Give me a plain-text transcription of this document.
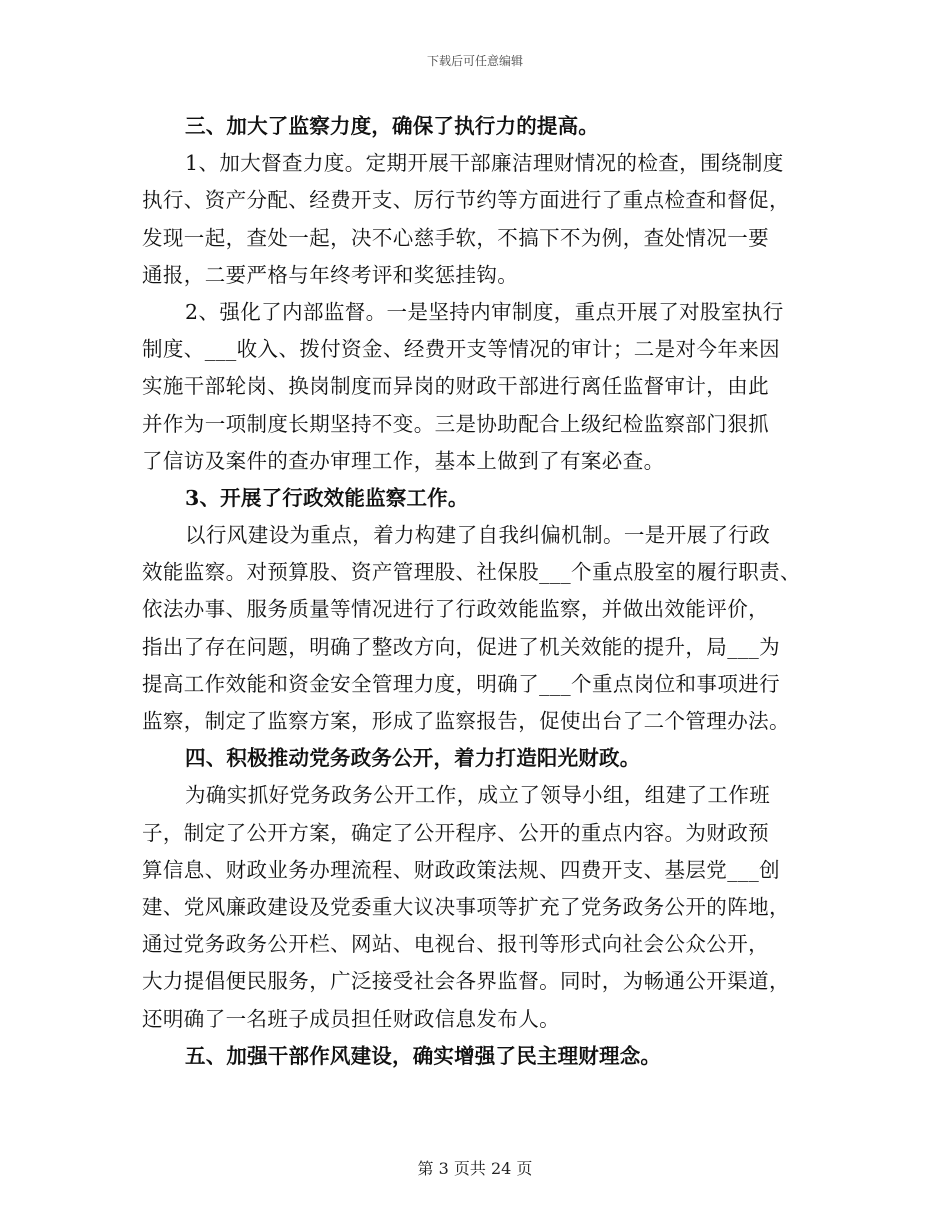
下载后可任意编辑
三、加大了监察力度，确保了执行力的提高。
1、加大督查力度。定期开展干部廉洁理财情况的检查，围绕制度
执行、资产分配、经费开支、厉行节约等方面进行了重点检查和督促，
发现一起，查处一起，决不心慈手软，不搞下不为例，查处情况一要
通报，二要严格与年终考评和奖惩挂钩。
2、强化了内部监督。一是坚持内审制度，重点开展了对股室执行
制度、___收入、拨付资金、经费开支等情况的审计；二是对今年来因
实施干部轮岗、换岗制度而异岗的财政干部进行离任监督审计，由此
并作为一项制度长期坚持不变。三是协助配合上级纪检监察部门狠抓
了信访及案件的查办审理工作，基本上做到了有案必查。
3、开展了行政效能监察工作。
以行风建设为重点，着力构建了自我纠偏机制。一是开展了行政
效能监察。对预算股、资产管理股、社保股___个重点股室的履行职责、
依法办事、服务质量等情况进行了行政效能监察，并做出效能评价，
指出了存在问题，明确了整改方向，促进了机关效能的提升，局___为
提高工作效能和资金安全管理力度，明确了___个重点岗位和事项进行
监察，制定了监察方案，形成了监察报告，促使出台了二个管理办法。
四、积极推动党务政务公开，着力打造阳光财政。
为确实抓好党务政务公开工作，成立了领导小组，组建了工作班
子，制定了公开方案，确定了公开程序、公开的重点内容。为财政预
算信息、财政业务办理流程、财政政策法规、四费开支、基层党___创
建、党风廉政建设及党委重大议决事项等扩充了党务政务公开的阵地，
通过党务政务公开栏、网站、电视台、报刊等形式向社会公众公开，
大力提倡便民服务，广泛接受社会各界监督。同时，为畅通公开渠道，
还明确了一名班子成员担任财政信息发布人。
五、加强干部作风建设，确实增强了民主理财理念。
第 3 页共 24 页
